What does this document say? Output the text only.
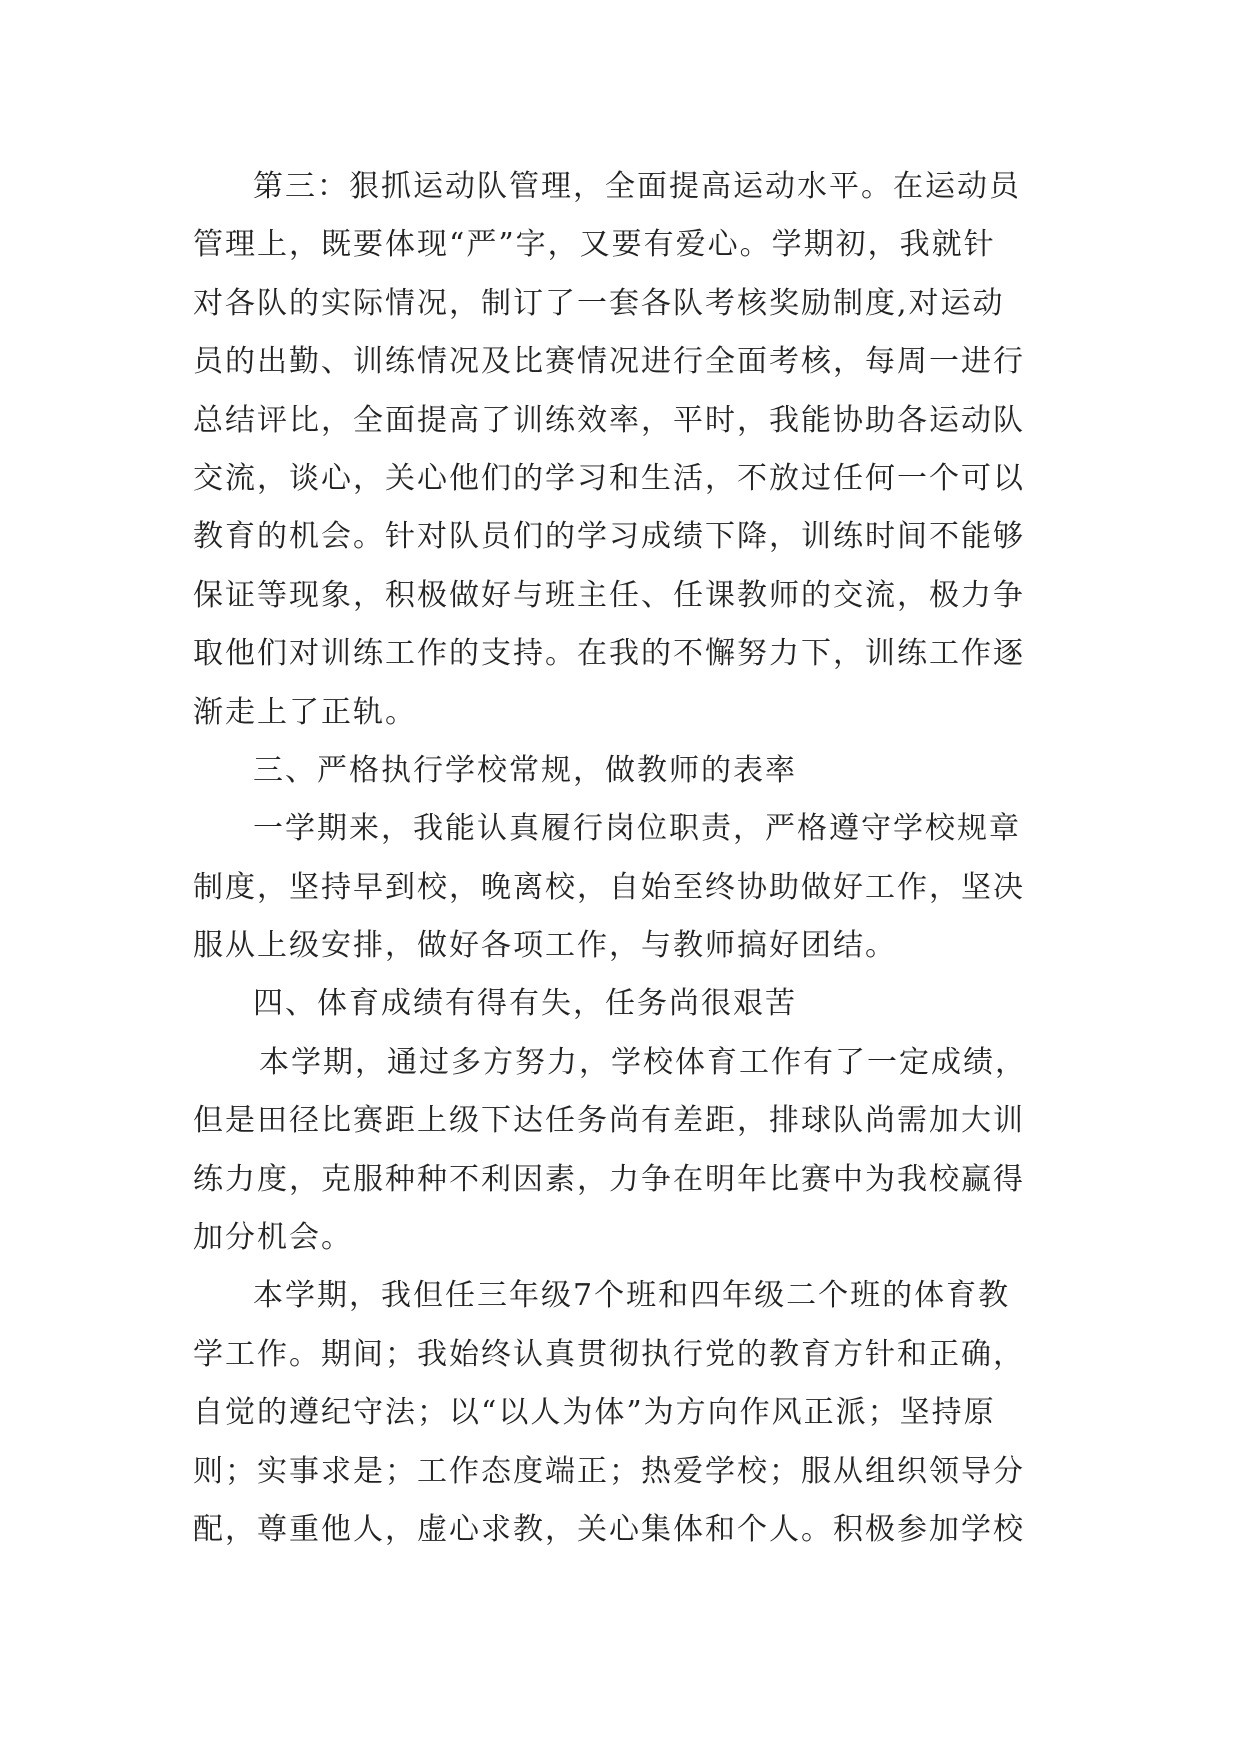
第三：狠抓运动队管理，全面提高运动水平。在运动员
管理上，既要体现“严”字，又要有爱心。学期初，我就针
对各队的实际情况，制订了一套各队考核奖励制度,对运动
员的出勤、训练情况及比赛情况进行全面考核，每周一进行
总结评比，全面提高了训练效率，平时，我能协助各运动队
交流，谈心，关心他们的学习和生活，不放过任何一个可以
教育的机会。针对队员们的学习成绩下降，训练时间不能够
保证等现象，积极做好与班主任、任课教师的交流，极力争
取他们对训练工作的支持。在我的不懈努力下，训练工作逐
渐走上了正轨。
三、严格执行学校常规，做教师的表率
一学期来，我能认真履行岗位职责，严格遵守学校规章
制度，坚持早到校，晚离校，自始至终协助做好工作，坚决
服从上级安排，做好各项工作，与教师搞好团结。
四、体育成绩有得有失，任务尚很艰苦
本学期，通过多方努力，学校体育工作有了一定成绩，
但是田径比赛距上级下达任务尚有差距，排球队尚需加大训
练力度，克服种种不利因素，力争在明年比赛中为我校赢得
加分机会。
本学期，我但任三年级7个班和四年级二个班的体育教
学工作。期间；我始终认真贯彻执行党的教育方针和正确，
自觉的遵纪守法；以“以人为体”为方向作风正派；坚持原
则；实事求是；工作态度端正；热爱学校；服从组织领导分
配，尊重他人，虚心求教，关心集体和个人。积极参加学校
